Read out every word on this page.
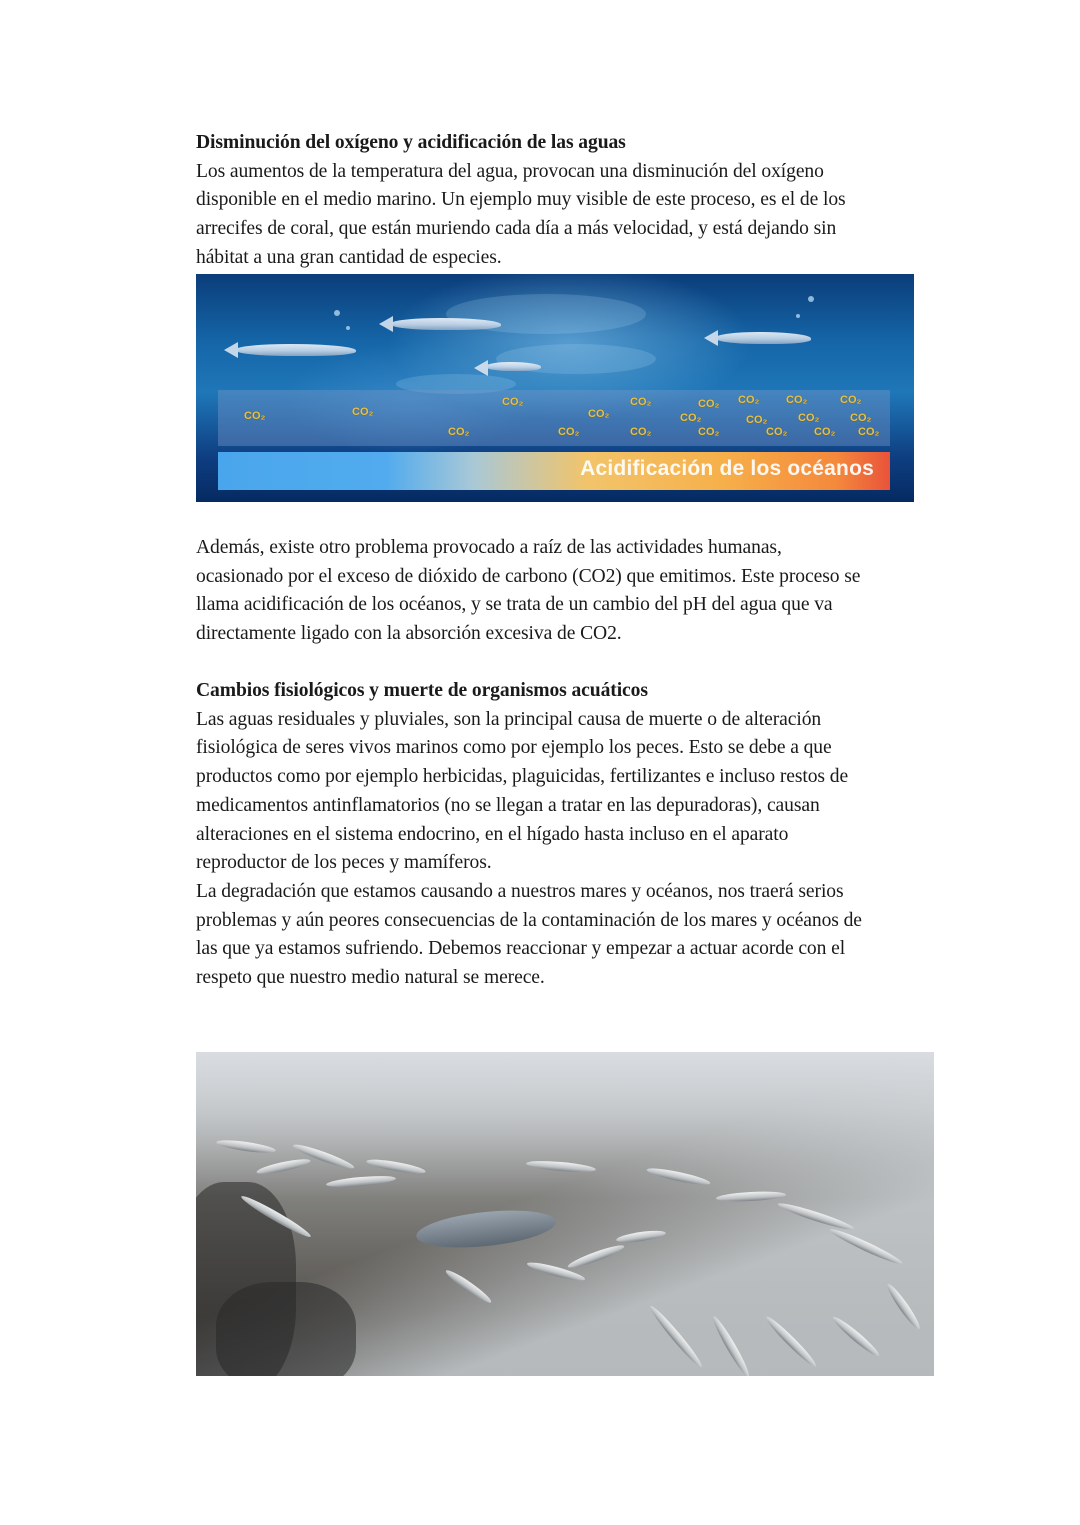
Disminución del oxígeno y acidificación de las aguas
Los aumentos de la temperatura del agua, provocan una disminución del oxígeno
disponible en el medio marino. Un ejemplo muy visible de este proceso, es el de los
arrecifes de coral, que están muriendo cada día a más velocidad, y está dejando sin
hábitat a una gran cantidad de especies.
CO₂	CO₂
CO₂
CO₂
CO₂
CO₂
CO₂
CO₂
CO₂
CO₂
CO₂
CO₂
CO₂
CO₂
CO₂
CO₂
CO₂
CO₂
CO₂
CO₂
Acidificación de los océanos
Además, existe otro problema provocado a raíz de las actividades humanas,
ocasionado por el exceso de dióxido de carbono (CO2) que emitimos. Este proceso se
llama acidificación de los océanos, y se trata de un cambio del pH del agua que va
directamente ligado con la absorción excesiva de CO2.
Cambios fisiológicos y muerte de organismos acuáticos
Las aguas residuales y pluviales, son la principal causa de muerte o de alteración
fisiológica de seres vivos marinos como por ejemplo los peces. Esto se debe a que
productos como por ejemplo herbicidas, plaguicidas, fertilizantes e incluso restos de
medicamentos antinflamatorios (no se llegan a tratar en las depuradoras), causan
alteraciones en el sistema endocrino, en el hígado hasta incluso en el aparato
reproductor de los peces y mamíferos.
La degradación que estamos causando a nuestros mares y océanos, nos traerá serios
problemas y aún peores consecuencias de la contaminación de los mares y océanos de
las que ya estamos sufriendo. Debemos reaccionar y empezar a actuar acorde con el
respeto que nuestro medio natural se merece.
